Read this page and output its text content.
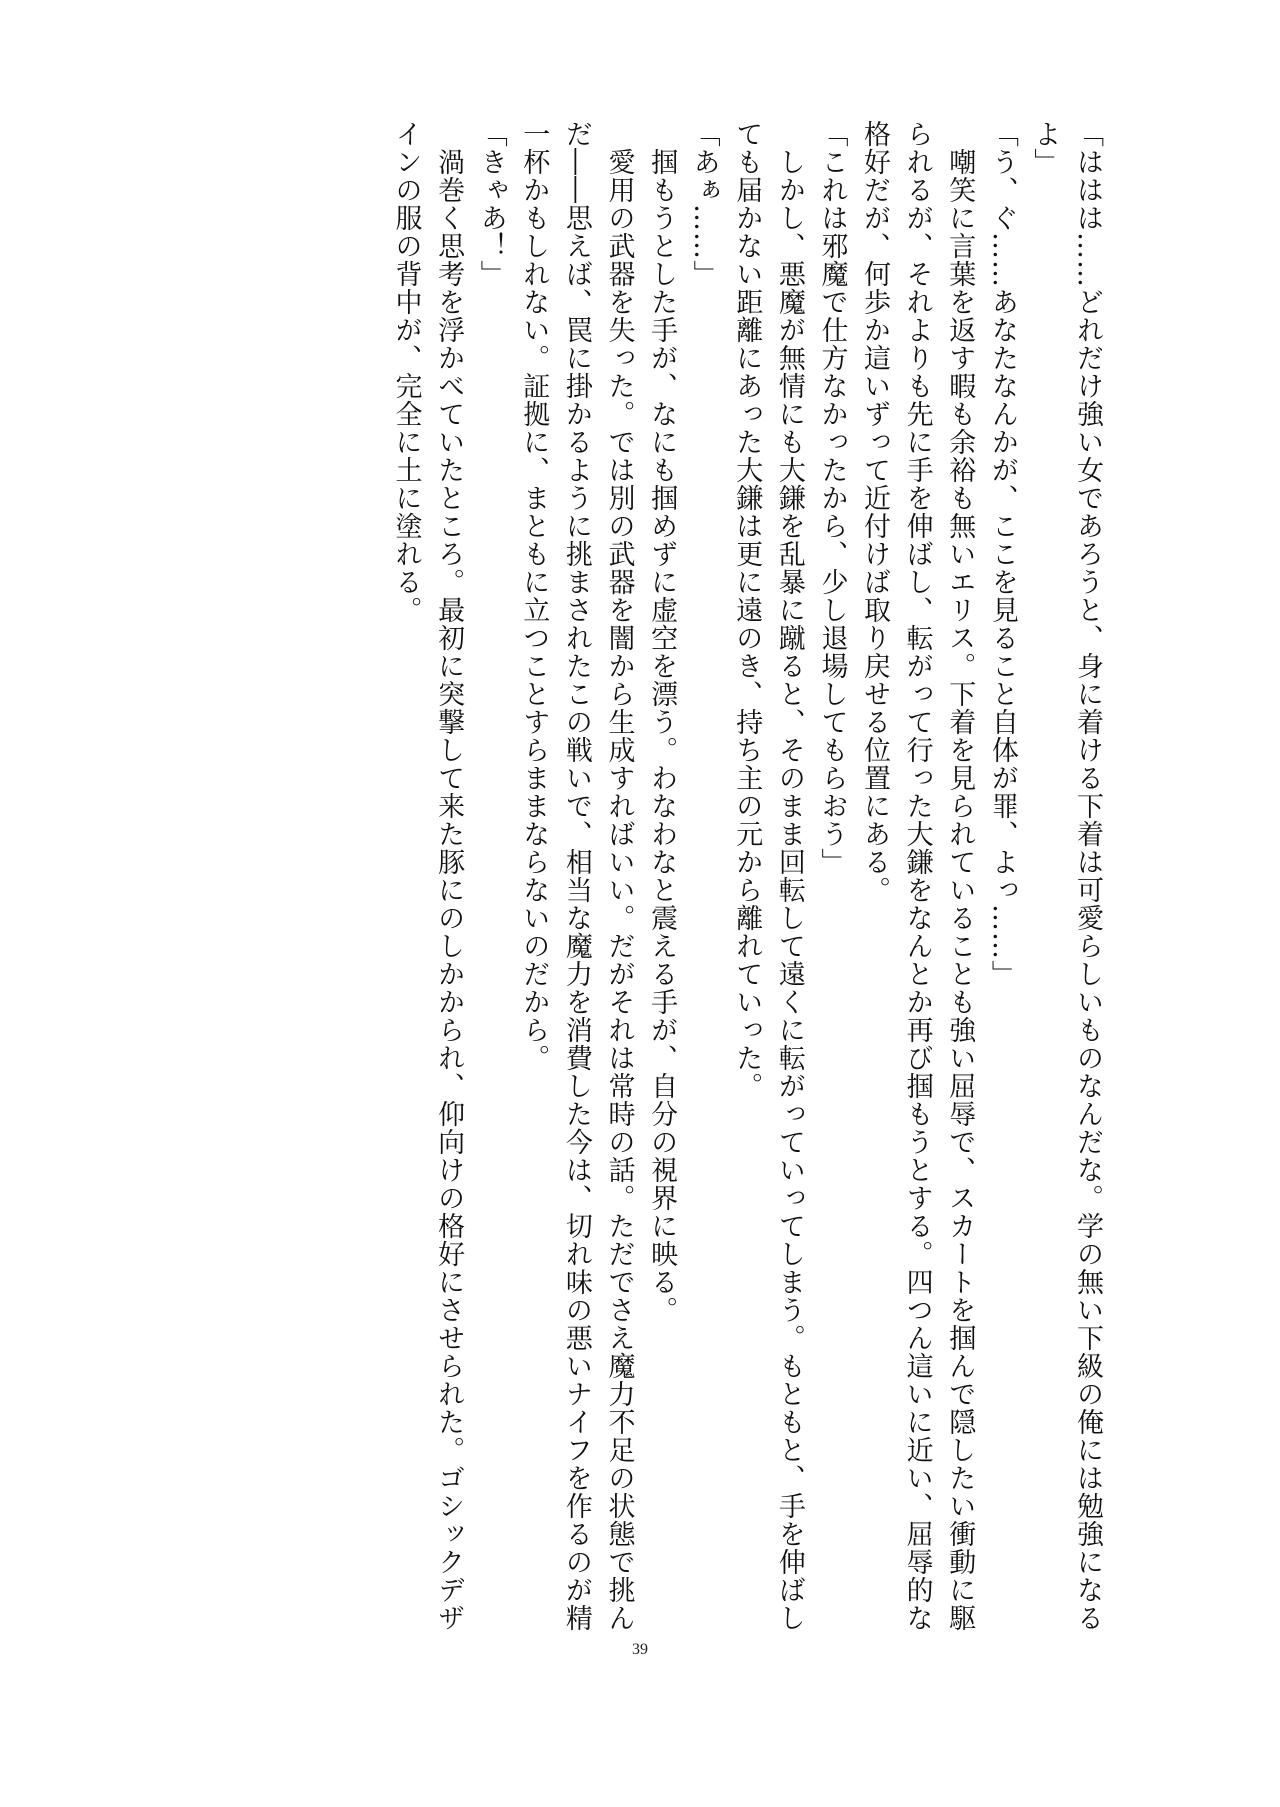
「ははは……どれだけ強い女であろうと、身に着ける下着は可愛らしいものなんだな。学の無い下級の俺には勉強になる
よ」
「う、ぐ……あなたなんかが、ここを見ること自体が罪、よっ……」
　嘲笑に言葉を返す暇も余裕も無いエリス。下着を見られていることも強い屈辱で、スカートを掴んで隠したい衝動に駆
られるが、それよりも先に手を伸ばし、転がって行った大鎌をなんとか再び掴もうとする。四つん這いに近い、屈辱的な
格好だが、何歩か這いずって近付けば取り戻せる位置にある。
「これは邪魔で仕方なかったから、少し退場してもらおう」
　しかし、悪魔が無情にも大鎌を乱暴に蹴ると、そのまま回転して遠くに転がっていってしまう。もともと、手を伸ばし
ても届かない距離にあった大鎌は更に遠のき、持ち主の元から離れていった。
「あぁ……」
　掴もうとした手が、なにも掴めずに虚空を漂う。わなわなと震える手が、自分の視界に映る。
　愛用の武器を失った。では別の武器を闇から生成すればいい。だがそれは常時の話。ただでさえ魔力不足の状態で挑ん
だ――思えば、罠に掛かるように挑まされたこの戦いで、相当な魔力を消費した今は、切れ味の悪いナイフを作るのが精
一杯かもしれない。証拠に、まともに立つことすらままならないのだから。
「きゃあ！」
　渦巻く思考を浮かべていたところ。最初に突撃して来た豚にのしかかられ、仰向けの格好にさせられた。ゴシックデザ
インの服の背中が、完全に土に塗れる。
39
